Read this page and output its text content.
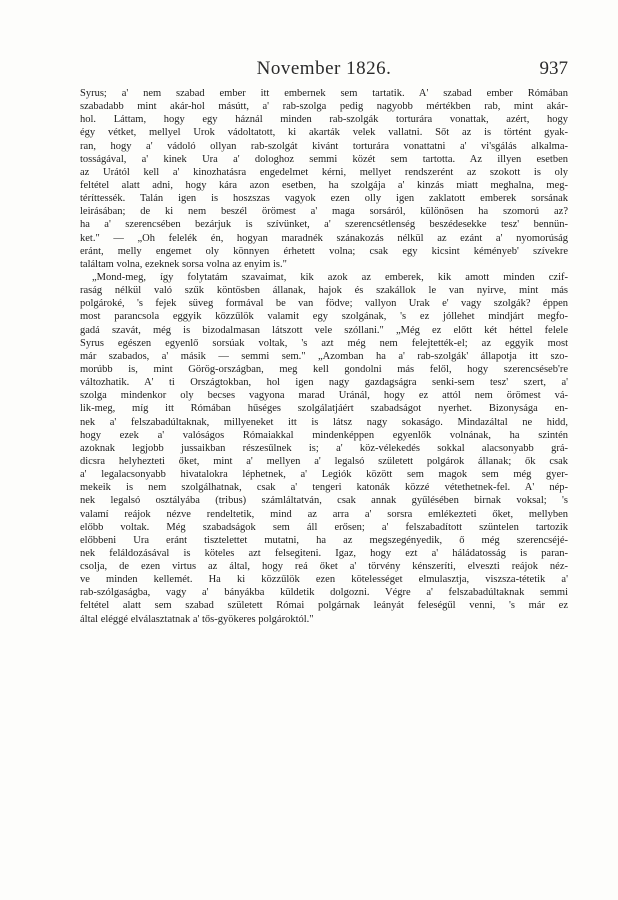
November 1826.	937
Syrus; a' nem szabad ember itt embernek sem tartatik. A' szabad ember Rómában
szabadabb mint akár-hol másútt, a' rab-szolga pedig nagyobb mértékben rab, mint akár-
hol. Láttam, hogy egy háznál minden rab-szolgák torturára vonattak, azért, hogy
égy vétket, mellyel Urok vádoltatott, ki akarták velek vallatni. Sőt az is történt gyak-
ran, hogy a' vádoló ollyan rab-szolgát kivánt torturára vonattatni a' vi'sgálás alkalma-
tosságával, a' kinek Ura a' dologhoz semmi közét sem tartotta. Az illyen esetben
az Urától kell a' kinozhatásra engedelmet kérni, mellyet rendszerént az szokott is oly
feltétel alatt adni, hogy kára azon esetben, ha szolgája a' kinzás miatt meghalna, meg-
téríttessék. Talán igen is hoszszas vagyok ezen olly igen zaklatott emberek sorsának
leirásában; de ki nem beszél örömest a' maga sorsáról, különösen ha szomorú az?
ha a' szerencsében bezárjuk is szívünket, a' szerencsétlenség beszédesekke tesz' bennün-
ket." — „Oh felelék én, hogyan maradnék szánakozás nélkül az ezánt a' nyomorúság
eránt, melly engemet oly könnyen érhetett volna; csak egy kicsint kéményeb' szívekre
találtam volna, ezeknek sorsa volna az enyim is."
„Mond-meg, így folytatám szavaimat, kik azok az emberek, kik amott minden czif-
raság nélkül való szűk köntösben állanak, hajok és szakállok le van nyirve, mint más
polgároké, 's fejek süveg formával be van födve; vallyon Urak e' vagy szolgák? éppen
most parancsola eggyik közzűlök valamit egy szolgának, 's ez jóllehet mindjárt megfo-
gadá szavát, még is bizodalmasan látszott vele szóllani." „Még ez előtt két héttel felele
Syrus egészen egyenlő sorsúak voltak, 's azt még nem felejtették-el; az eggyik most
már szabados, a' másik — semmi sem." „Azomban ha a' rab-szolgák' állapotja itt szo-
morúbb is, mint Görög-országban, meg kell gondolni más felől, hogy szerencséseb're
változhatik. A' ti Országtokban, hol igen nagy gazdagságra senki-sem tesz' szert, a'
szolga mindenkor oly becses vagyona marad Uránál, hogy ez attól nem örömest vá-
lik-meg, míg itt Rómában hűséges szolgálatjáért szabadságot nyerhet. Bizonysága en-
nek a' felszabadúltaknak, millyeneket itt is látsz nagy sokaságo. Mindazáltal ne hidd,
hogy ezek a' valóságos Rómaiakkal mindenképpen egyenlők volnának, ha szintén
azoknak legjobb jussaikban részesűlnek is; a' köz-vélekedés sokkal alacsonyabb grá-
dicsra helyhezteti őket, mint a' mellyen a' legalsó született polgárok állanak; ők csak
a' legalacsonyabb hivatalokra léphetnek, a' Legiók között sem magok sem még gyer-
mekeik is nem szolgálhatnak, csak a' tengeri katonák közzé vétethetnek-fel. A' nép-
nek legalsó osztályába (tribus) számláltatván, csak annak gyűlésében birnak voksal; 's
valamí reájok nézve rendeltetik, mind az arra a' sorsra emlékezteti őket, mellyben
előbb voltak. Még szabadságok sem áll erősen; a' felszabadított szüntelen tartozik
előbbeni Ura eránt tisztelettet mutatni, ha az megszegényedik, ő még szerencséjé-
nek feláldozásával is köteles azt felsegiteni. Igaz, hogy ezt a' háládatosság is paran-
csolja, de ezen virtus az által, hogy reá őket a' törvény kénszeríti, elveszti reájok néz-
ve minden kellemét. Ha ki közzűlök ezen kötelességet elmulasztja, viszsza-tétetik a'
rab-szólgaságba, vagy a' bányákba küldetik dolgozni. Végre a' felszabadúltaknak semmi
feltétel alatt sem szabad született Római polgárnak leányát feleségűl venni, 's már ez
által eléggé elválasztatnak a' tős-gyökeres polgároktól."
